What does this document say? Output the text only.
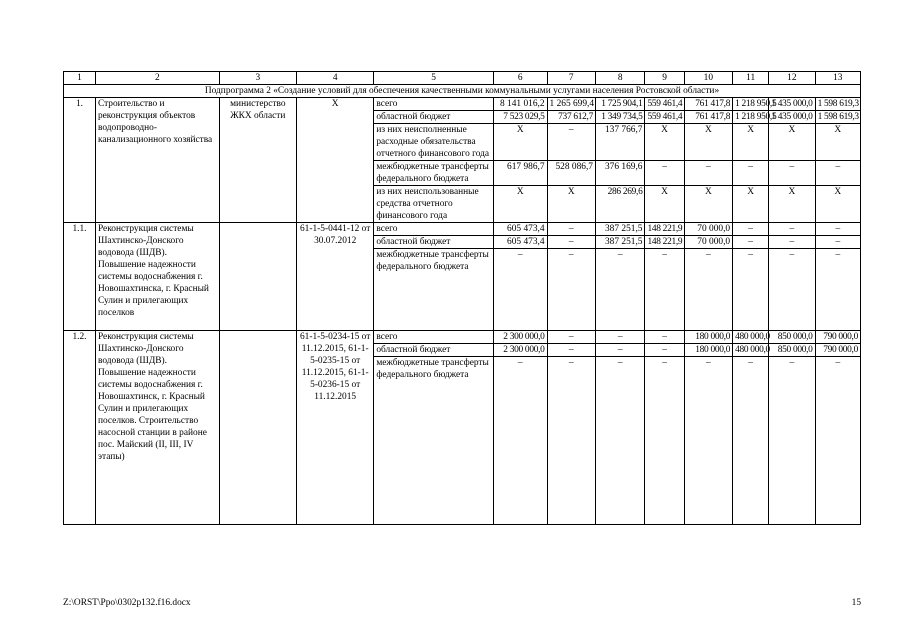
1	2	3	4	5	6	7	8	9	10	11	12	13
Подпрограмма 2 «Создание условий для обеспечения качественными коммунальными услугами населения Ростовской области»												
1.	Строительство и реконструкция объектов водопроводно-канализационного хозяйства	министерство ЖКХ области	Х	всего	8 141 016,2	1 265 699,4	1 725 904,1	559 461,4	761 417,8	1 218 950,5	1 435 000,0	1 598 619,3
				областной бюджет	7 523 029,5	737 612,7	1 349 734,5	559 461,4	761 417,8	1 218 950,5	1 435 000,0	1 598 619,3
				из них неисполненные расходные обязательства отчетного финансового года	Х	–	137 766,7	Х	Х	Х	Х	Х
				межбюджетные трансферты федерального бюджета	617 986,7	528 086,7	376 169,6	–	–	–	–	–
				из них неиспользованные средства отчетного финансового года	Х	Х	286 269,6	Х	Х	Х	Х	Х
1.1.	Реконструкция системы Шахтинско-Донского водовода (ШДВ). Повышение надежности системы водоснабжения г. Новошахтинска, г. Красный Сулин и прилегающих поселков		61-1-5-0441-12 от 30.07.2012	всего	605 473,4	–	387 251,5	148 221,9	70 000,0	–	–	–
				областной бюджет	605 473,4	–	387 251,5	148 221,9	70 000,0	–	–	–
				межбюджетные трансферты федерального бюджета	–	–	–	–	–	–	–	–
1.2.	Реконструкция системы Шахтинско-Донского водовода (ШДВ). Повышение надежности системы водоснабжения г. Новошахтинск, г. Красный Сулин и прилегающих поселков. Строительство насосной станции в районе пос. Майский (II, III, IV этапы)		61-1-5-0234-15 от 11.12.2015, 61-1-5-0235-15 от 11.12.2015, 61-1-5-0236-15 от 11.12.2015	всего	2 300 000,0	–	–	–	180 000,0	480 000,0	850 000,0	790 000,0
				областной бюджет	2 300 000,0	–	–	–	180 000,0	480 000,0	850 000,0	790 000,0
				межбюджетные трансферты федерального бюджета	–	–	–	–	–	–	–	–
Z:\ORST\Ppo\0302p132.f16.docx	15
